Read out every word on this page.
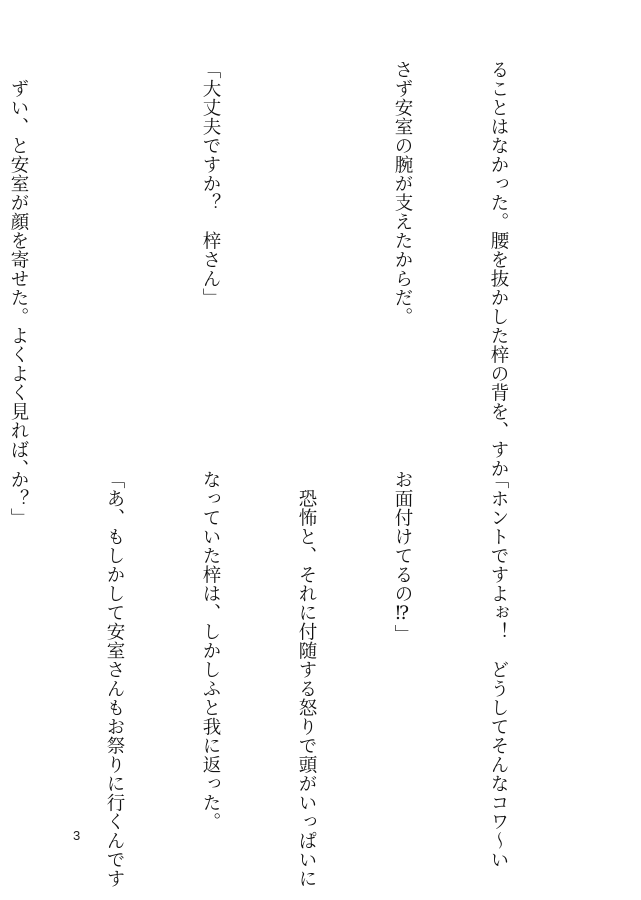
ることはなかった。腰を抜かした梓の背を、すか

さず安室の腕が支えたからだ。

「大丈夫ですか？　梓さん」

　ずい、と安室が顔を寄せた。よくよく見れば、

「ホントですよぉ！　どうしてそんなコワ～い

お面付けてるの⁉」

　恐怖と、それに付随する怒りで頭がいっぱいに

なっていた梓は、しかしふと我に返った。

「あ、もしかして安室さんもお祭りに行くんです

か？」

3
